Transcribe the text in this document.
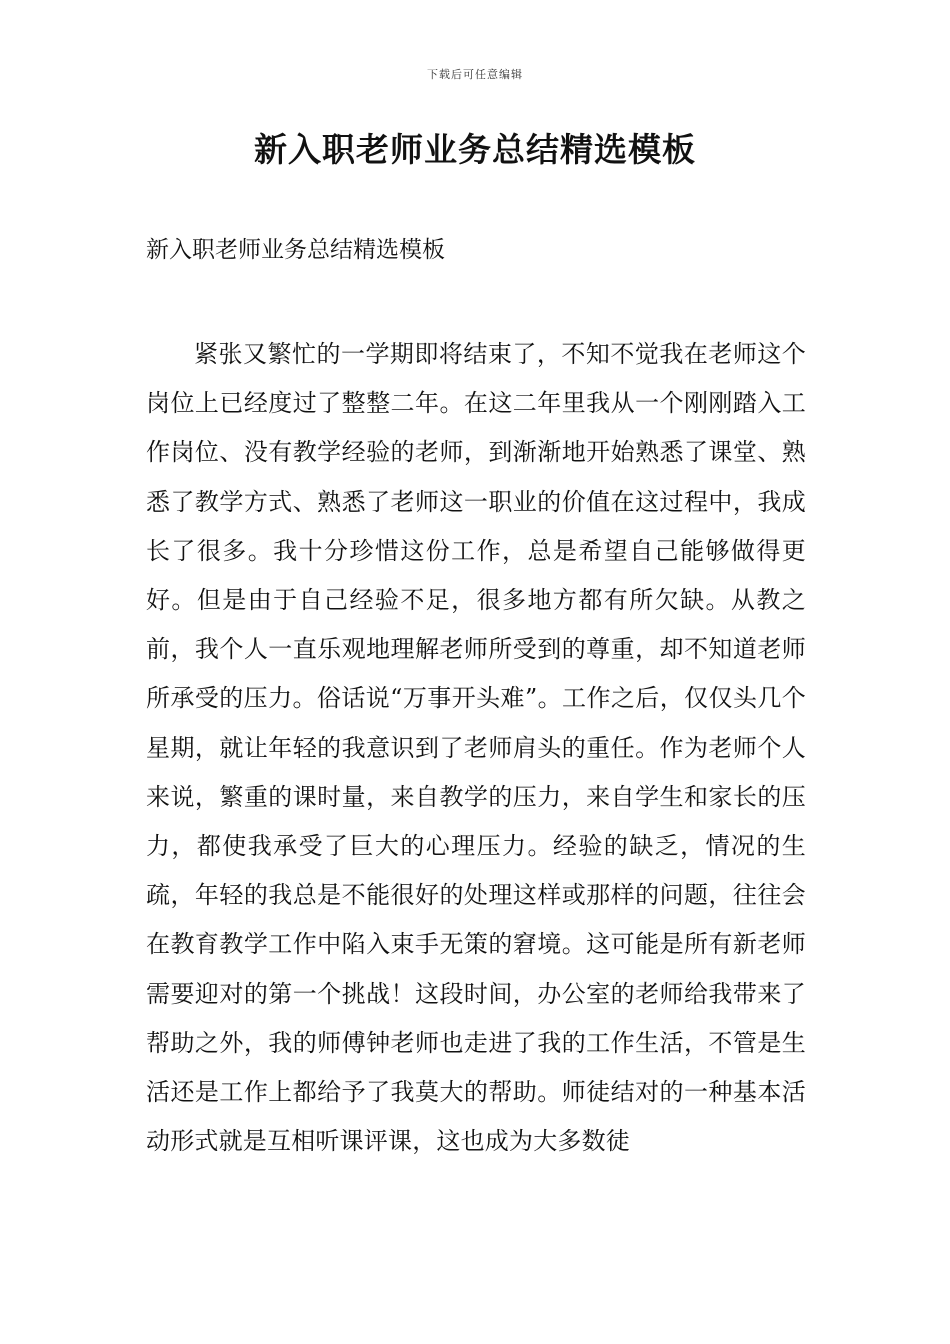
下载后可任意编辑
新入职老师业务总结精选模板

新入职老师业务总结精选模板

紧张又繁忙的一学期即将结束了，不知不觉我在老师这个岗位上已经度过了整整二年。在这二年里我从一个刚刚踏入工作岗位、没有教学经验的老师，到渐渐地开始熟悉了课堂、熟悉了教学方式、熟悉了老师这一职业的价值在这过程中，我成长了很多。我十分珍惜这份工作，总是希望自己能够做得更好。但是由于自己经验不足，很多地方都有所欠缺。从教之前，我个人一直乐观地理解老师所受到的尊重，却不知道老师所承受的压力。俗话说“万事开头难”。工作之后，仅仅头几个星期，就让年轻的我意识到了老师肩头的重任。作为老师个人来说，繁重的课时量，来自教学的压力，来自学生和家长的压力，都使我承受了巨大的心理压力。经验的缺乏，情况的生疏，年轻的我总是不能很好的处理这样或那样的问题，往往会在教育教学工作中陷入束手无策的窘境。这可能是所有新老师需要迎对的第一个挑战！这段时间，办公室的老师给我带来了帮助之外，我的师傅钟老师也走进了我的工作生活，不管是生活还是工作上都给予了我莫大的帮助。师徒结对的一种基本活动形式就是互相听课评课，这也成为大多数徒
